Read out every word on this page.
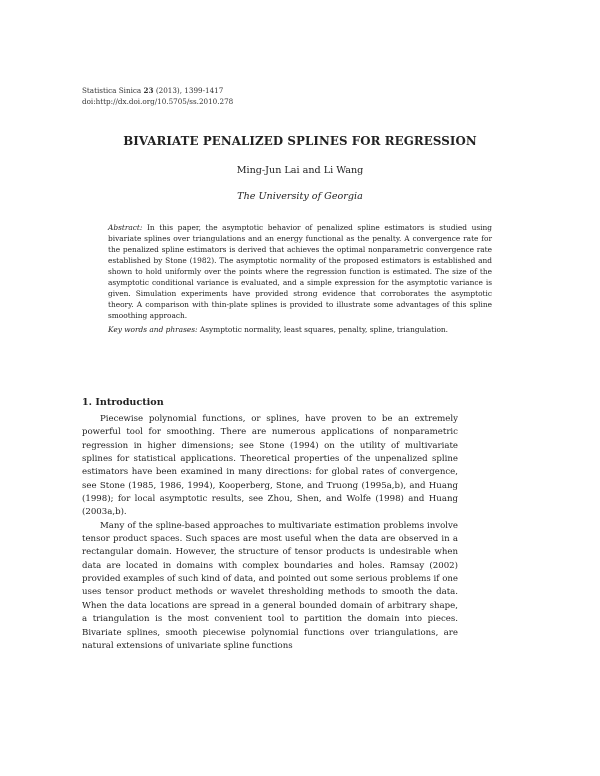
Statistica Sinica 23 (2013), 1399-1417
doi:http://dx.doi.org/10.5705/ss.2010.278
BIVARIATE PENALIZED SPLINES FOR REGRESSION
Ming-Jun Lai and Li Wang
The University of Georgia
Abstract: In this paper, the asymptotic behavior of penalized spline estimators is studied using bivariate splines over triangulations and an energy functional as the penalty. A convergence rate for the penalized spline estimators is derived that achieves the optimal nonparametric convergence rate established by Stone (1982). The asymptotic normality of the proposed estimators is established and shown to hold uniformly over the points where the regression function is estimated. The size of the asymptotic conditional variance is evaluated, and a simple expression for the asymptotic variance is given. Simulation experiments have provided strong evidence that corroborates the asymptotic theory. A comparison with thin-plate splines is provided to illustrate some advantages of this spline smoothing approach.
Key words and phrases: Asymptotic normality, least squares, penalty, spline, triangulation.
1. Introduction

Piecewise polynomial functions, or splines, have proven to be an extremely powerful tool for smoothing. There are numerous applications of nonparametric regression in higher dimensions; see Stone (1994) on the utility of multivariate splines for statistical applications. Theoretical properties of the unpenalized spline estimators have been examined in many directions: for global rates of convergence, see Stone (1985, 1986, 1994), Kooperberg, Stone, and Truong (1995a,b), and Huang (1998); for local asymptotic results, see Zhou, Shen, and Wolfe (1998) and Huang (2003a,b).

Many of the spline-based approaches to multivariate estimation problems involve tensor product spaces. Such spaces are most useful when the data are observed in a rectangular domain. However, the structure of tensor products is undesirable when data are located in domains with complex boundaries and holes. Ramsay (2002) provided examples of such kind of data, and pointed out some serious problems if one uses tensor product methods or wavelet thresholding methods to smooth the data. When the data locations are spread in a general bounded domain of arbitrary shape, a triangulation is the most convenient tool to partition the domain into pieces. Bivariate splines, smooth piecewise polynomial functions over triangulations, are natural extensions of univariate spline functions
